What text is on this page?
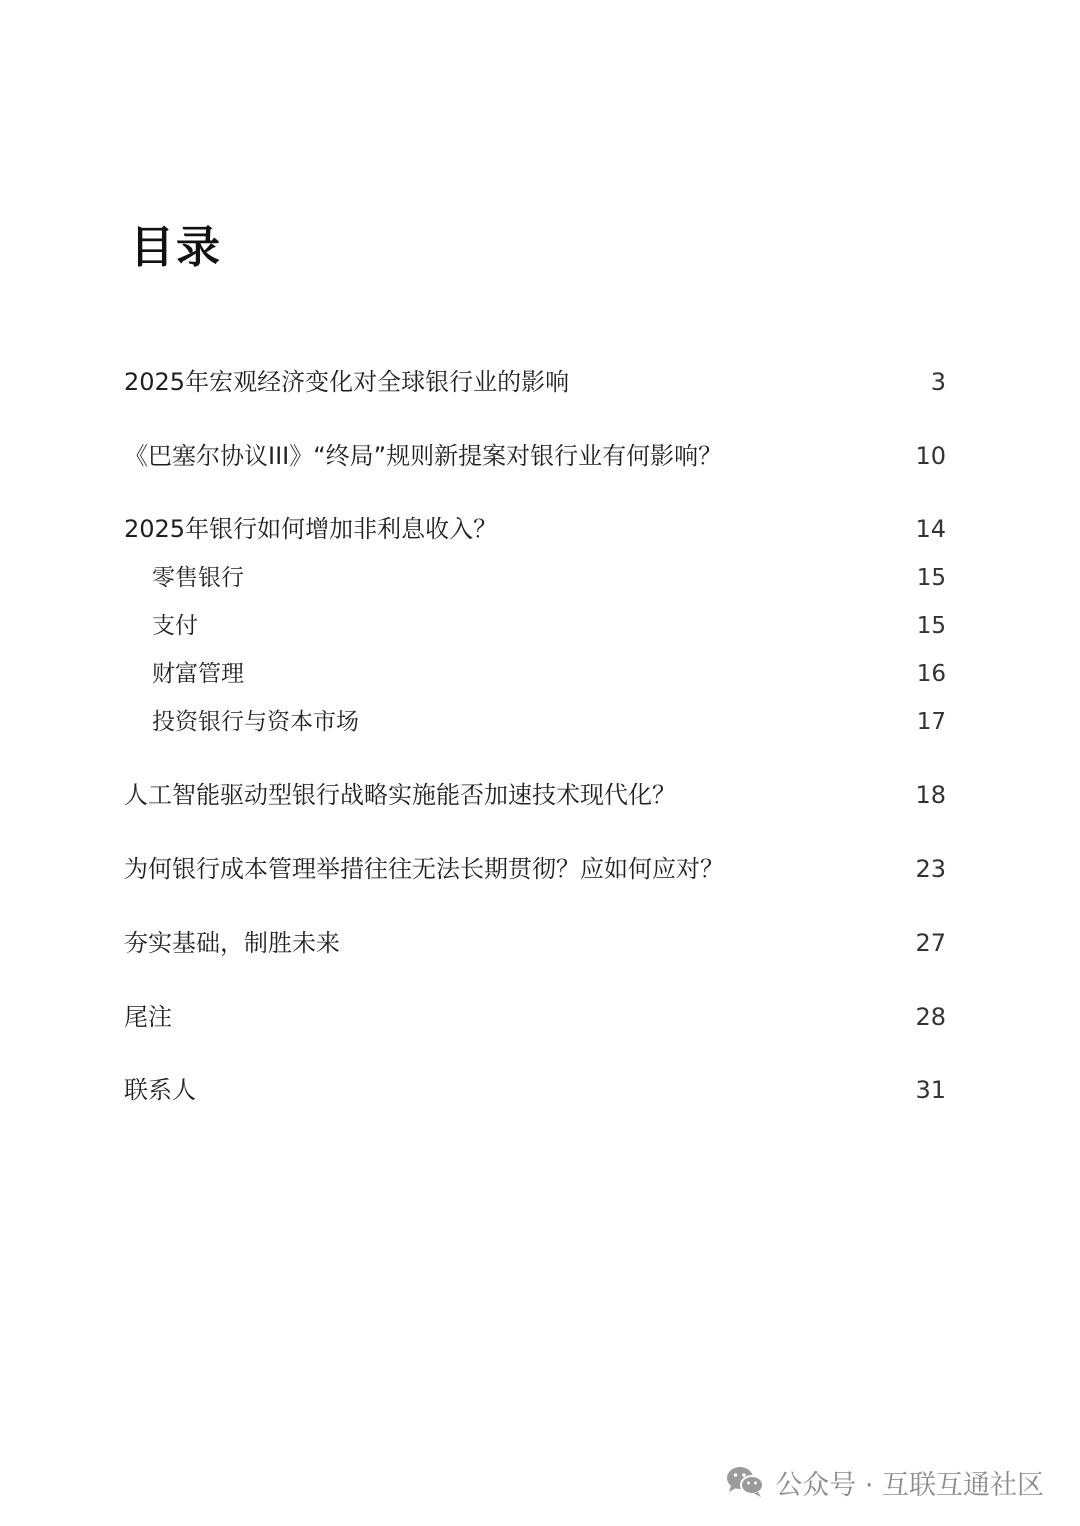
目录
2025年宏观经济变化对全球银行业的影响	3
《巴塞尔协议III》“终局”规则新提案对银行业有何影响？	10
2025年银行如何增加非利息收入？	14
零售银行	15
支付	15
财富管理	16
投资银行与资本市场	17
人工智能驱动型银行战略实施能否加速技术现代化？	18
为何银行成本管理举措往往无法长期贯彻？应如何应对？	23
夯实基础，制胜未来	27
尾注	28
联系人	31
公众号 · 互联互通社区
